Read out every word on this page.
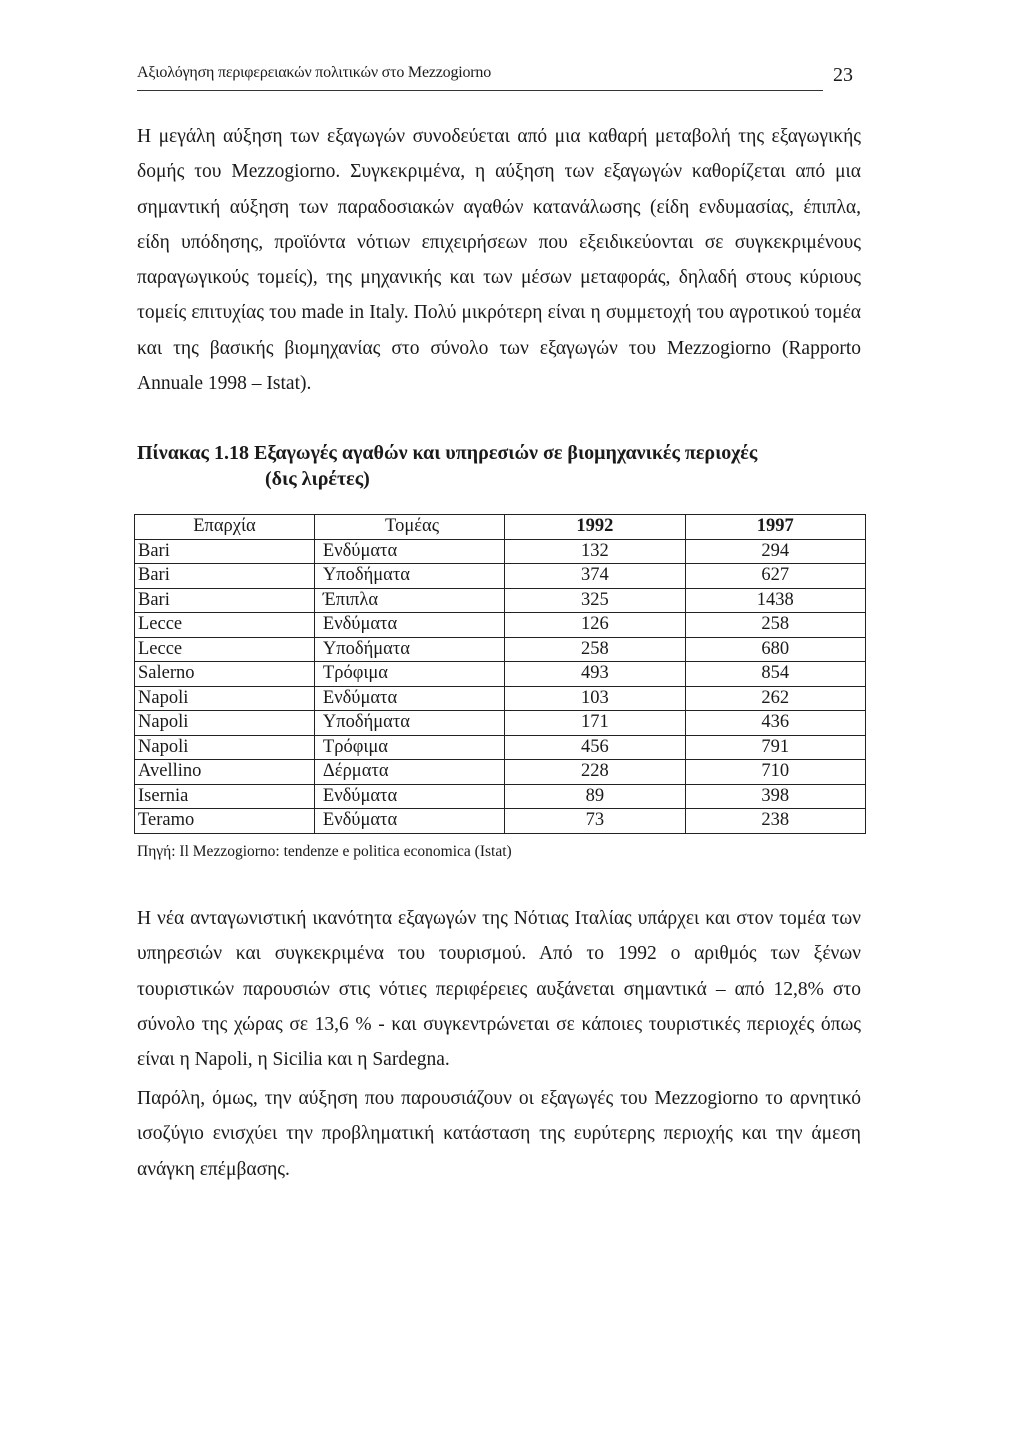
Αξιολόγηση περιφερειακών πολιτικών στο Mezzogiorno	23

Η μεγάλη αύξηση των εξαγωγών συνοδεύεται από μια καθαρή μεταβολή της εξαγωγικής δομής του Mezzogiorno. Συγκεκριμένα, η αύξηση των εξαγωγών καθορίζεται από μια σημαντική αύξηση των παραδοσιακών αγαθών κατανάλωσης (είδη ενδυμασίας, έπιπλα, είδη υπόδησης, προϊόντα νότιων επιχειρήσεων που εξειδικεύονται σε συγκεκριμένους παραγωγικούς τομείς), της μηχανικής και των μέσων μεταφοράς, δηλαδή στους κύριους τομείς επιτυχίας του made in Italy. Πολύ μικρότερη είναι η συμμετοχή του αγροτικού τομέα και της βασικής βιομηχανίας στο σύνολο των εξαγωγών του Mezzogiorno (Rapporto Annuale 1998 – Istat).

Πίνακας 1.18 Εξαγωγές αγαθών και υπηρεσιών σε βιομηχανικές περιοχές
(δις λιρέτες)
Επαρχία	Τομέας	1992	1997
Bari	Ενδύματα	132	294
Bari	Υποδήματα	374	627
Bari	Έπιπλα	325	1438
Lecce	Ενδύματα	126	258
Lecce	Υποδήματα	258	680
Salerno	Τρόφιμα	493	854
Napoli	Ενδύματα	103	262
Napoli	Υποδήματα	171	436
Napoli	Τρόφιμα	456	791
Avellino	Δέρματα	228	710
Isernia	Ενδύματα	89	398
Teramo	Ενδύματα	73	238
Πηγή: Il Mezzogiorno: tendenze e politica economica (Istat)

Η νέα ανταγωνιστική ικανότητα εξαγωγών της Νότιας Ιταλίας υπάρχει και στον τομέα των υπηρεσιών και συγκεκριμένα του τουρισμού. Από το 1992 ο αριθμός των ξένων τουριστικών παρουσιών στις νότιες περιφέρειες αυξάνεται σημαντικά – από 12,8% στο σύνολο της χώρας σε 13,6 % - και συγκεντρώνεται σε κάποιες τουριστικές περιοχές όπως είναι η Napoli, η Sicilia και η Sardegna.

Παρόλη, όμως, την αύξηση που παρουσιάζουν οι εξαγωγές του Mezzogiorno το αρνητικό ισοζύγιο ενισχύει την προβληματική κατάσταση της ευρύτερης περιοχής και την άμεση ανάγκη επέμβασης.
